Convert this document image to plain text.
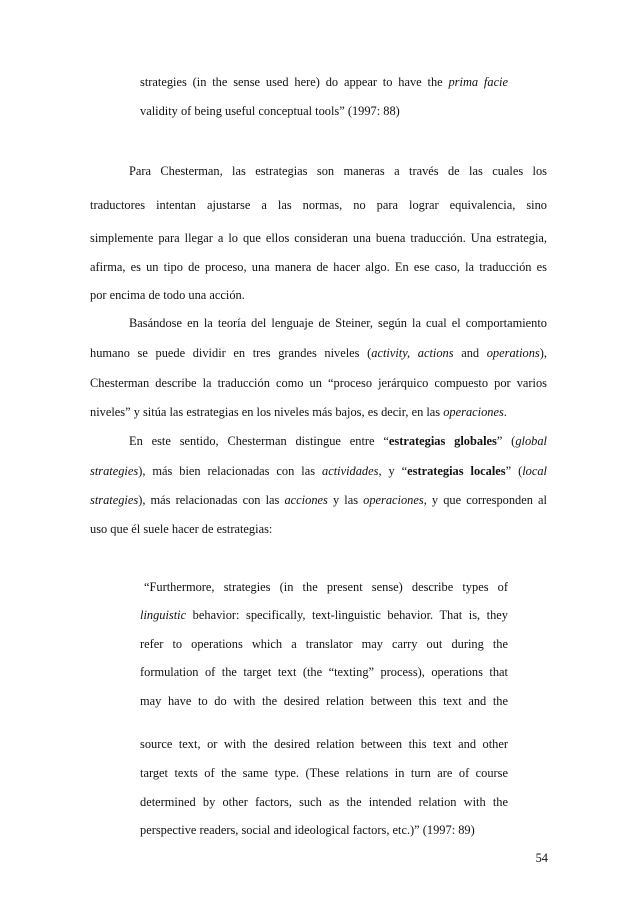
strategies (in the sense used here) do appear to have the prima facie
validity of being useful conceptual tools” (1997: 88)
Para Chesterman, las estrategias son maneras a través de las cuales los
traductores intentan ajustarse a las normas, no para lograr equivalencia, sino
simplemente para llegar a lo que ellos consideran una buena traducción. Una estrategia,
afirma, es un tipo de proceso, una manera de hacer algo. En ese caso, la traducción es
por encima de todo una acción.
Basándose en la teoría del lenguaje de Steiner, según la cual el comportamiento
humano se puede dividir en tres grandes niveles (activity, actions and operations),
Chesterman describe la traducción como un “proceso jerárquico compuesto por varios
niveles” y sitúa las estrategias en los niveles más bajos, es decir, en las operaciones.
En este sentido, Chesterman distingue entre “estrategias globales” (global
strategies), más bien relacionadas con las actividades, y “estrategias locales” (local
strategies), más relacionadas con las acciones y las operaciones, y que corresponden al
uso que él suele hacer de estrategias:
“Furthermore, strategies (in the present sense) describe types of
linguistic behavior: specifically, text-linguistic behavior. That is, they
refer to operations which a translator may carry out during the
formulation of the target text (the “texting” process), operations that
may have to do with the desired relation between this text and the
source text, or with the desired relation between this text and other
target texts of the same type. (These relations in turn are of course
determined by other factors, such as the intended relation with the
perspective readers, social and ideological factors, etc.)” (1997: 89)
54
